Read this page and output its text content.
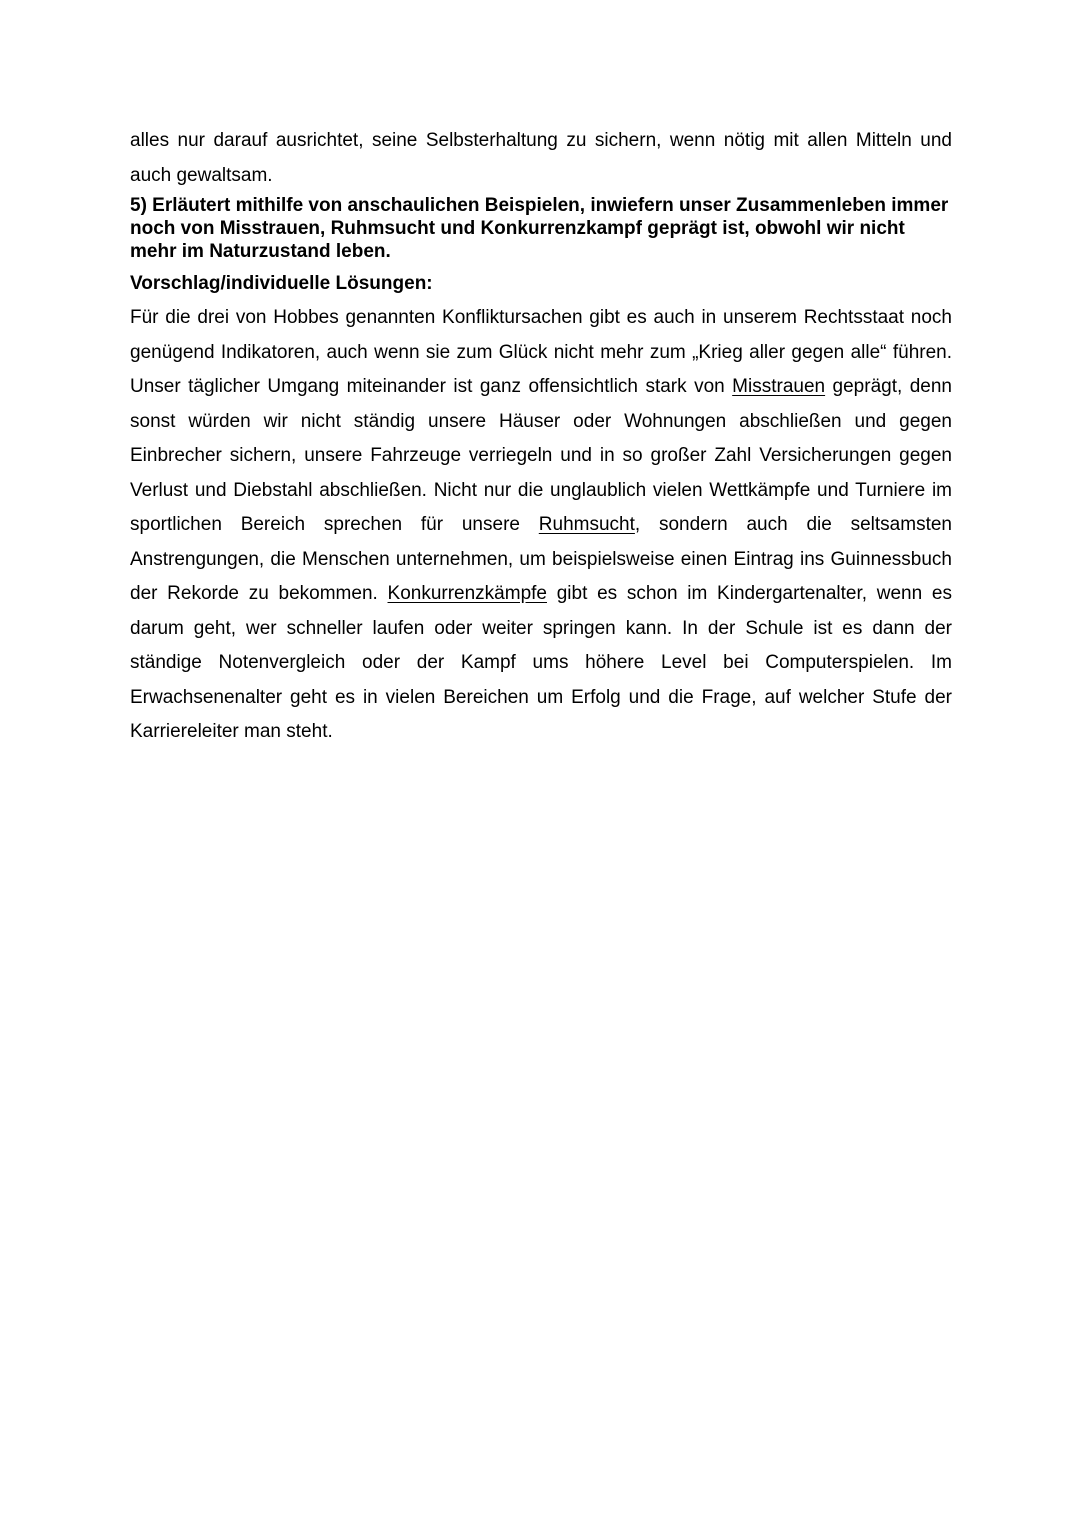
alles nur darauf ausrichtet, seine Selbsterhaltung zu sichern, wenn nötig mit allen Mitteln und auch gewaltsam.

5) Erläutert mithilfe von anschaulichen Beispielen, inwiefern unser Zusammenleben immer noch von Misstrauen, Ruhmsucht und Konkurrenzkampf geprägt ist, obwohl wir nicht mehr im Naturzustand leben.

Vorschlag/individuelle Lösungen:

Für die drei von Hobbes genannten Konfliktursachen gibt es auch in unserem Rechtsstaat noch genügend Indikatoren, auch wenn sie zum Glück nicht mehr zum „Krieg aller gegen alle“ führen. Unser täglicher Umgang miteinander ist ganz offensichtlich stark von Misstrauen geprägt, denn sonst würden wir nicht ständig unsere Häuser oder Wohnungen abschließen und gegen Einbrecher sichern, unsere Fahrzeuge verriegeln und in so großer Zahl Versicherungen gegen Verlust und Diebstahl abschließen. Nicht nur die unglaublich vielen Wettkämpfe und Turniere im sportlichen Bereich sprechen für unsere Ruhmsucht, sondern auch die seltsamsten Anstrengungen, die Menschen unternehmen, um beispielsweise einen Eintrag ins Guinnessbuch der Rekorde zu bekommen. Konkurrenzkämpfe gibt es schon im Kindergartenalter, wenn es darum geht, wer schneller laufen oder weiter springen kann. In der Schule ist es dann der ständige Notenvergleich oder der Kampf ums höhere Level bei Computerspielen. Im Erwachsenenalter geht es in vielen Bereichen um Erfolg und die Frage, auf welcher Stufe der Karriereleiter man steht.
